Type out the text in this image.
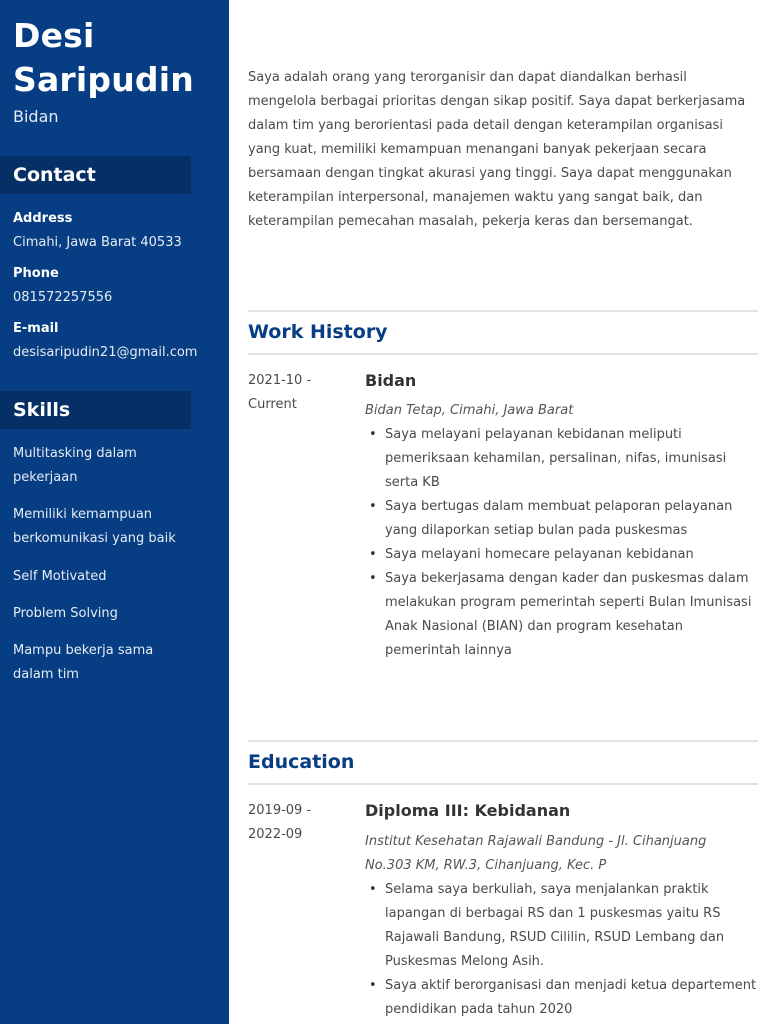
Desi
Saripudin
Bidan
Contact
Address
Cimahi, Jawa Barat 40533
Phone
081572257556
E-mail
desisaripudin21@gmail.com
Skills
Multitasking dalam pekerjaan
Memiliki kemampuan berkomunikasi yang baik
Self Motivated
Problem Solving
Mampu bekerja sama dalam tim

Saya adalah orang yang terorganisir dan dapat diandalkan berhasil mengelola berbagai prioritas dengan sikap positif. Saya dapat berkerjasama dalam tim yang berorientasi pada detail dengan keterampilan organisasi yang kuat, memiliki kemampuan menangani banyak pekerjaan secara bersamaan dengan tingkat akurasi yang tinggi. Saya dapat menggunakan keterampilan interpersonal, manajemen waktu yang sangat baik, dan keterampilan pemecahan masalah, pekerja keras dan bersemangat.

Work History
2021-10 - Current
Bidan
Bidan Tetap, Cimahi, Jawa Barat
• Saya melayani pelayanan kebidanan meliputi pemeriksaan kehamilan, persalinan, nifas, imunisasi serta KB
• Saya bertugas dalam membuat pelaporan pelayanan yang dilaporkan setiap bulan pada puskesmas
• Saya melayani homecare pelayanan kebidanan
• Saya bekerjasama dengan kader dan puskesmas dalam melakukan program pemerintah seperti Bulan Imunisasi Anak Nasional (BIAN) dan program kesehatan pemerintah lainnya
Education
2019-09 - 2022-09
Diploma III: Kebidanan
Institut Kesehatan Rajawali Bandung - Jl. Cihanjuang No.303 KM, RW.3, Cihanjuang, Kec. P
• Selama saya berkuliah, saya menjalankan praktik lapangan di berbagai RS dan 1 puskesmas yaitu RS Rajawali Bandung, RSUD Cililin, RSUD Lembang dan Puskesmas Melong Asih.
• Saya aktif berorganisasi dan menjadi ketua departement pendidikan pada tahun 2020
